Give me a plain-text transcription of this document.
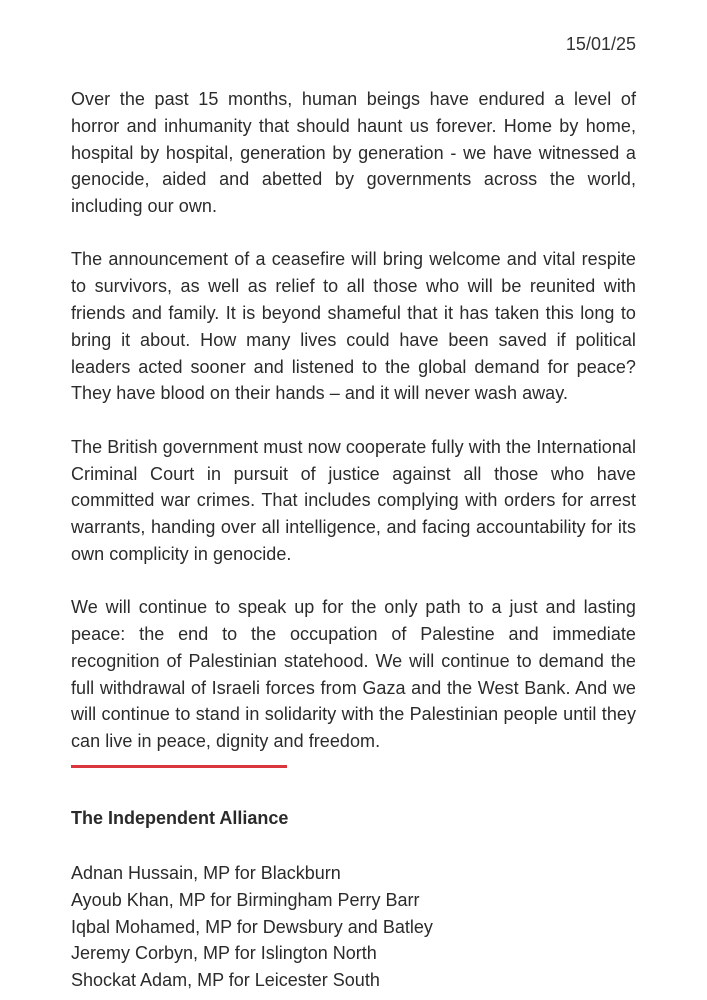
15/01/25

Over the past 15 months, human beings have endured a level of horror and inhumanity that should haunt us forever. Home by home, hospital by hospital, generation by generation - we have witnessed a genocide, aided and abetted by governments across the world, including our own.

The announcement of a ceasefire will bring welcome and vital respite to survivors, as well as relief to all those who will be reunited with friends and family. It is beyond shameful that it has taken this long to bring it about. How many lives could have been saved if political leaders acted sooner and listened to the global demand for peace? They have blood on their hands – and it will never wash away.

The British government must now cooperate fully with the International Criminal Court in pursuit of justice against all those who have committed war crimes. That includes complying with orders for arrest warrants, handing over all intelligence, and facing accountability for its own complicity in genocide.

We will continue to speak up for the only path to a just and lasting peace: the end to the occupation of Palestine and immediate recognition of Palestinian statehood. We will continue to demand the full withdrawal of Israeli forces from Gaza and the West Bank. And we will continue to stand in solidarity with the Palestinian people until they can live in peace, dignity and freedom.

The Independent Alliance
Adnan Hussain, MP for Blackburn
Ayoub Khan, MP for Birmingham Perry Barr
Iqbal Mohamed, MP for Dewsbury and Batley
Jeremy Corbyn, MP for Islington North
Shockat Adam, MP for Leicester South
